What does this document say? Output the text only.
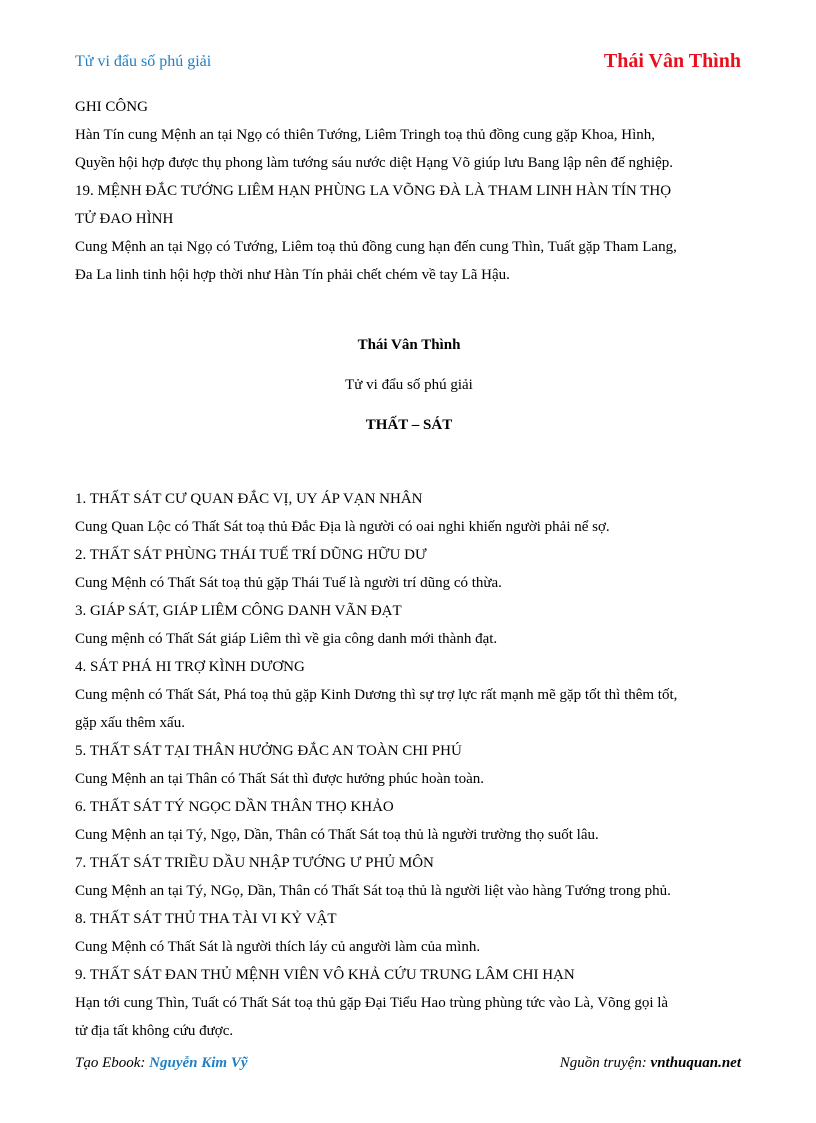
Tử vi đẩu số phú giải	Thái Vân Thình
GHI CÔNG
Hàn Tín cung Mệnh an tại Ngọ có thiên Tướng, Liêm Tringh toạ thủ đồng cung gặp Khoa, Hình,
Quyền hội hợp được thụ phong làm tướng sáu nước diệt Hạng Võ giúp lưu Bang lập nên đế nghiệp.
19. MỆNH ĐẮC TƯỚNG LIÊM HẠN PHÙNG LA VÕNG ĐÀ LÀ THAM LINH HÀN TÍN THỌ
TỬ ĐAO HÌNH
Cung Mệnh an tại Ngọ có Tướng, Liêm toạ thủ đồng cung hạn đến cung Thìn, Tuất gặp Tham Lang,
Đa La linh tinh hội hợp thời như Hàn Tín phải chết chém về tay Lã Hậu.
Thái Vân Thình
Tử vi đẩu số phú giải
THẤT – SÁT
1. THẤT SÁT CƯ QUAN ĐẮC VỊ, UY ÁP VẠN NHÂN
Cung Quan Lộc có Thất Sát toạ thủ Đắc Địa là người có oai nghi khiến người phải nể sợ.
2. THẤT SÁT PHÙNG THÁI TUẾ TRÍ DŨNG HỮU DƯ
Cung Mệnh có Thất Sát toạ thủ gặp Thái Tuế là người trí dũng có thừa.
3. GIÁP SÁT, GIÁP LIÊM CÔNG DANH VÃN ĐẠT
Cung mệnh có Thất Sát giáp Liêm thì về gia công danh mới thành đạt.
4. SÁT PHÁ HI TRỢ KÌNH DƯƠNG
Cung mệnh có Thất Sát, Phá toạ thủ gặp Kinh Dương thì sự trợ lực rất mạnh mẽ gặp tốt thì thêm tốt,
gặp xấu thêm xấu.
5. THẤT SÁT TẠI THÂN HƯỞNG ĐẮC AN TOÀN CHI PHÚ
Cung Mệnh an tại Thân có Thất Sát thì được hưởng phúc hoàn toàn.
6. THẤT SÁT TÝ NGỌC DẦN THÂN THỌ KHẢO
Cung Mệnh an tại Tý, Ngọ, Dần, Thân có Thất Sát toạ thủ là người trường thọ suốt lâu.
7. THẤT SÁT TRIỀU DẦU NHẬP TƯỚNG Ư PHỦ MÔN
Cung Mệnh an tại Tý, NGọ, Dần, Thân có Thất Sát toạ thủ là người liệt vào hàng Tướng trong phủ.
8. THẤT SÁT THỦ THA TÀI VI KỶ VẬT
Cung Mệnh có Thất Sát là người thích láy củ angười làm của mình.
9. THẤT SÁT ĐAN THỦ MỆNH VIÊN VÔ KHẢ CỨU TRUNG LÂM CHI HẠN
Hạn tới cung Thìn, Tuất có Thất Sát toạ thủ gặp Đại Tiểu Hao trùng phùng tức vào Là, Võng gọi là
tử địa tất không cứu được.
Tạo Ebook: Nguyễn Kim Vỹ	Nguồn truyện: vnthuquan.net
